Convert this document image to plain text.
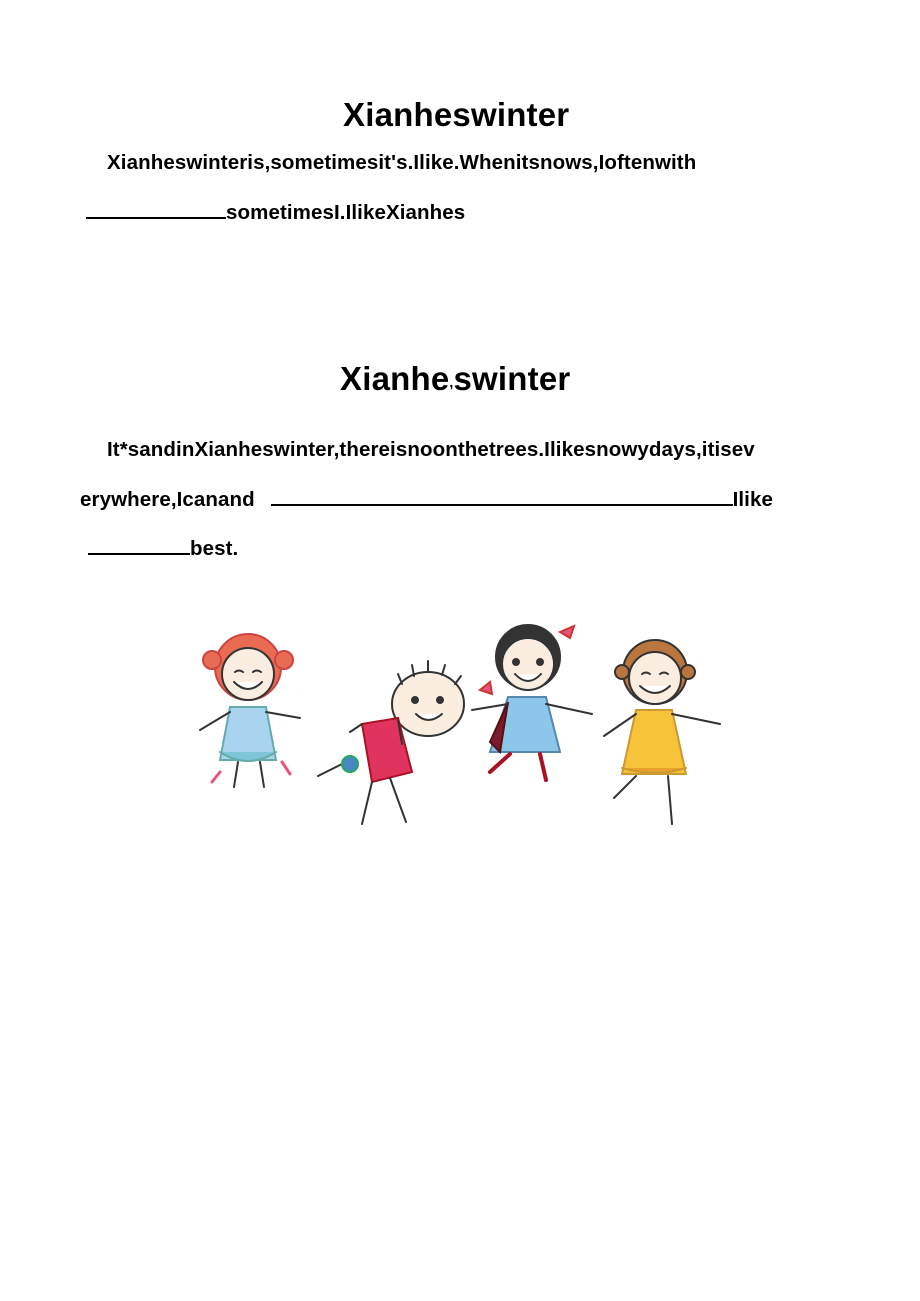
Xianheswinter
Xianheswinteris,sometimesit's.Ilike.Whenitsnows,Ioftenwith
sometimesI.IlikeXianhes
Xianhe,swinter
It*sandinXianheswinter,thereisnoonthetrees.Ilikesnowydays,itisev
erywhere,Icanand	Ilike
best.
